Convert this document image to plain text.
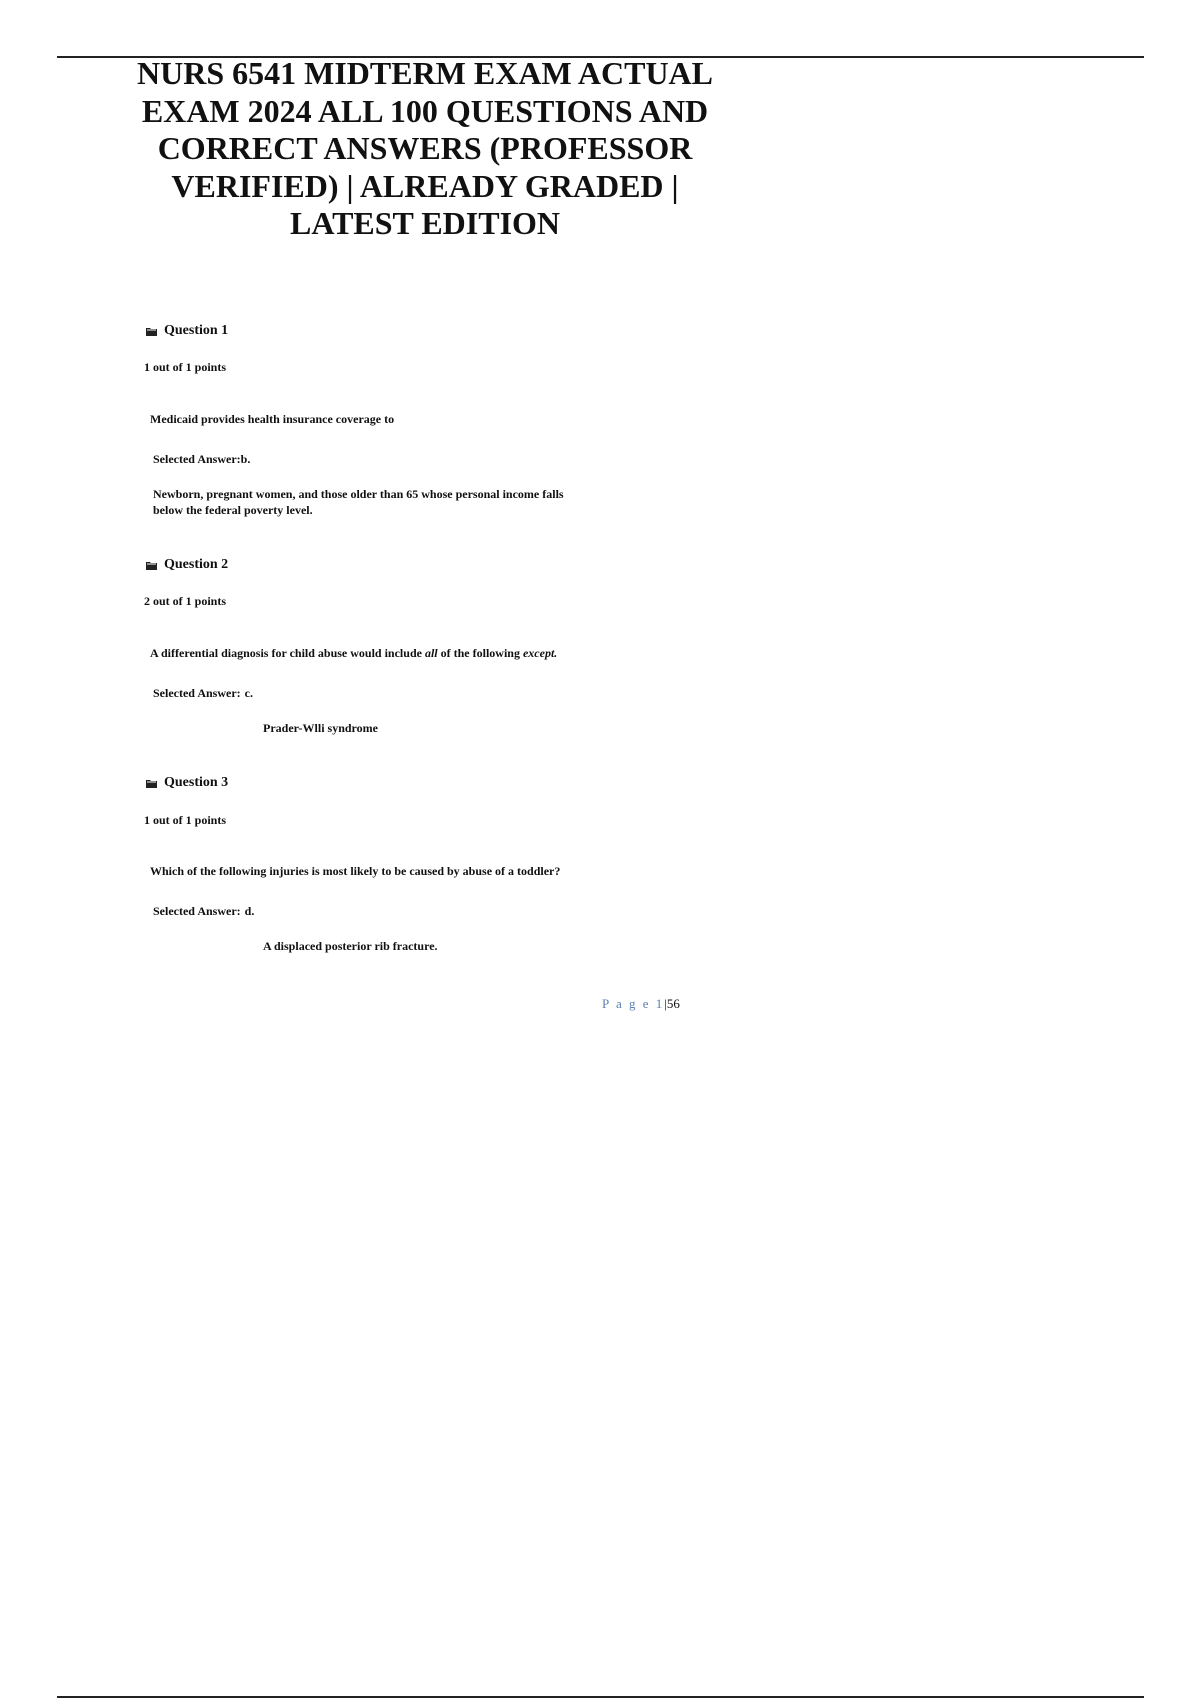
NURS 6541 MIDTERM EXAM ACTUAL
EXAM 2024 ALL 100 QUESTIONS AND
CORRECT ANSWERS (PROFESSOR
VERIFIED) | ALREADY GRADED |
LATEST EDITION
Question 1
1 out of 1 points
Medicaid provides health insurance coverage to
Selected Answer:b.
Newborn, pregnant women, and those older than 65 whose personal income falls
below the federal poverty level.
Question 2
2 out of 1 points
A differential diagnosis for child abuse would include all of the following except.
Selected Answer: c.
Prader-Wlli syndrome
Question 3
1 out of 1 points
Which of the following injuries is most likely to be caused by abuse of a toddler?
Selected Answer: d.
A displaced posterior rib fracture.
P a g e 1|56
